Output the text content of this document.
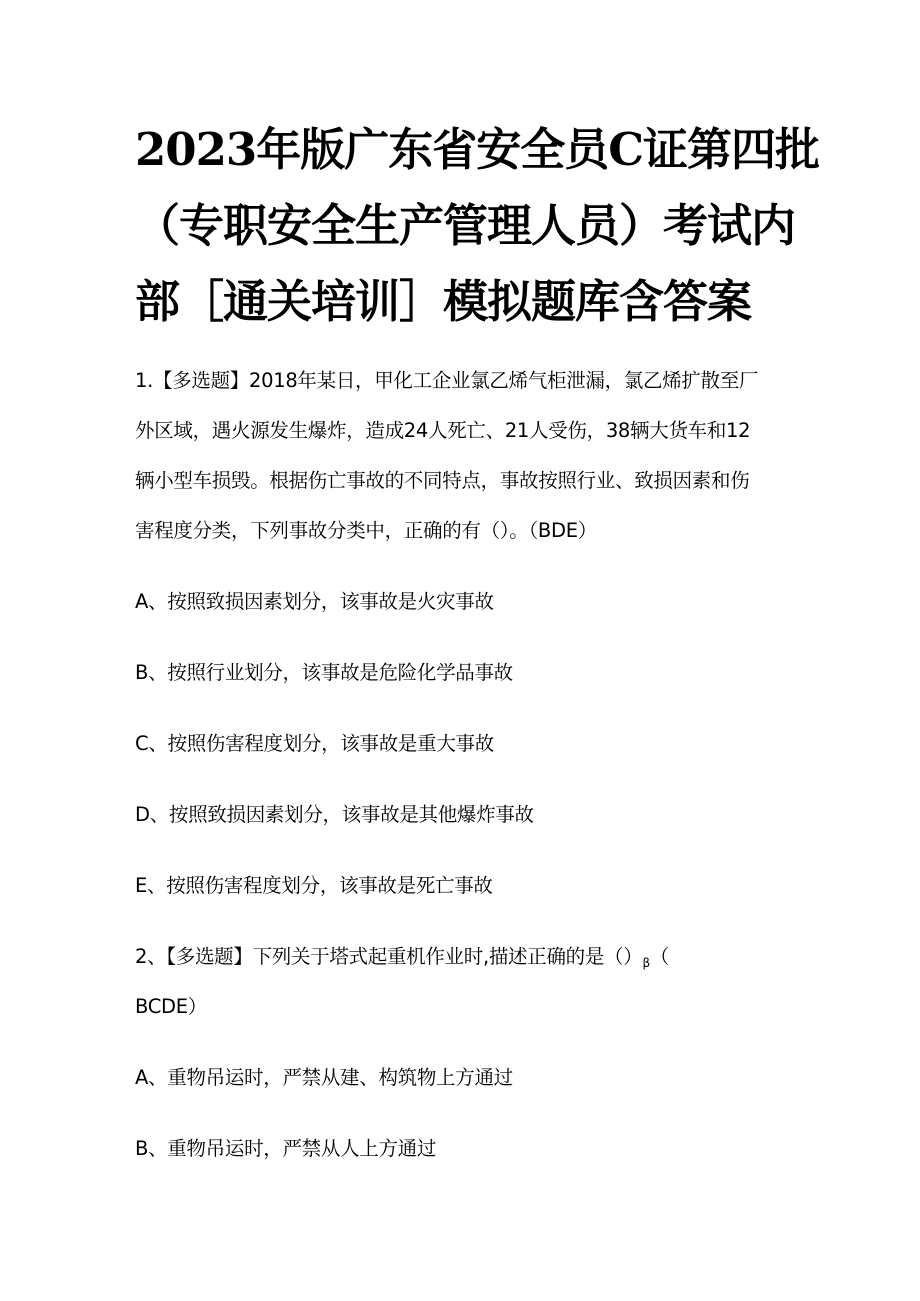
2023年版广东省安全员C证第四批
（专职安全生产管理人员）考试内
部［通关培训］模拟题库含答案
1.【多选题】2018年某日，甲化工企业氯乙烯气柜泄漏，氯乙烯扩散至厂
外区域，遇火源发生爆炸，造成24人死亡、21人受伤，38辆大货车和12
辆小型车损毁。根据伤亡事故的不同特点，事故按照行业、致损因素和伤
害程度分类，下列事故分类中，正确的有（）。（BDE）
A、按照致损因素划分，该事故是火灾事故
B、按照行业划分，该事故是危险化学品事故
C、按照伤害程度划分，该事故是重大事故
D、按照致损因素划分，该事故是其他爆炸事故
E、按照伤害程度划分，该事故是死亡事故
2、【多选题】下列关于塔式起重机作业时,描述正确的是$()_\beta$（
BCDE）
A、重物吊运时，严禁从建、构筑物上方通过
B、重物吊运时，严禁从人上方通过
